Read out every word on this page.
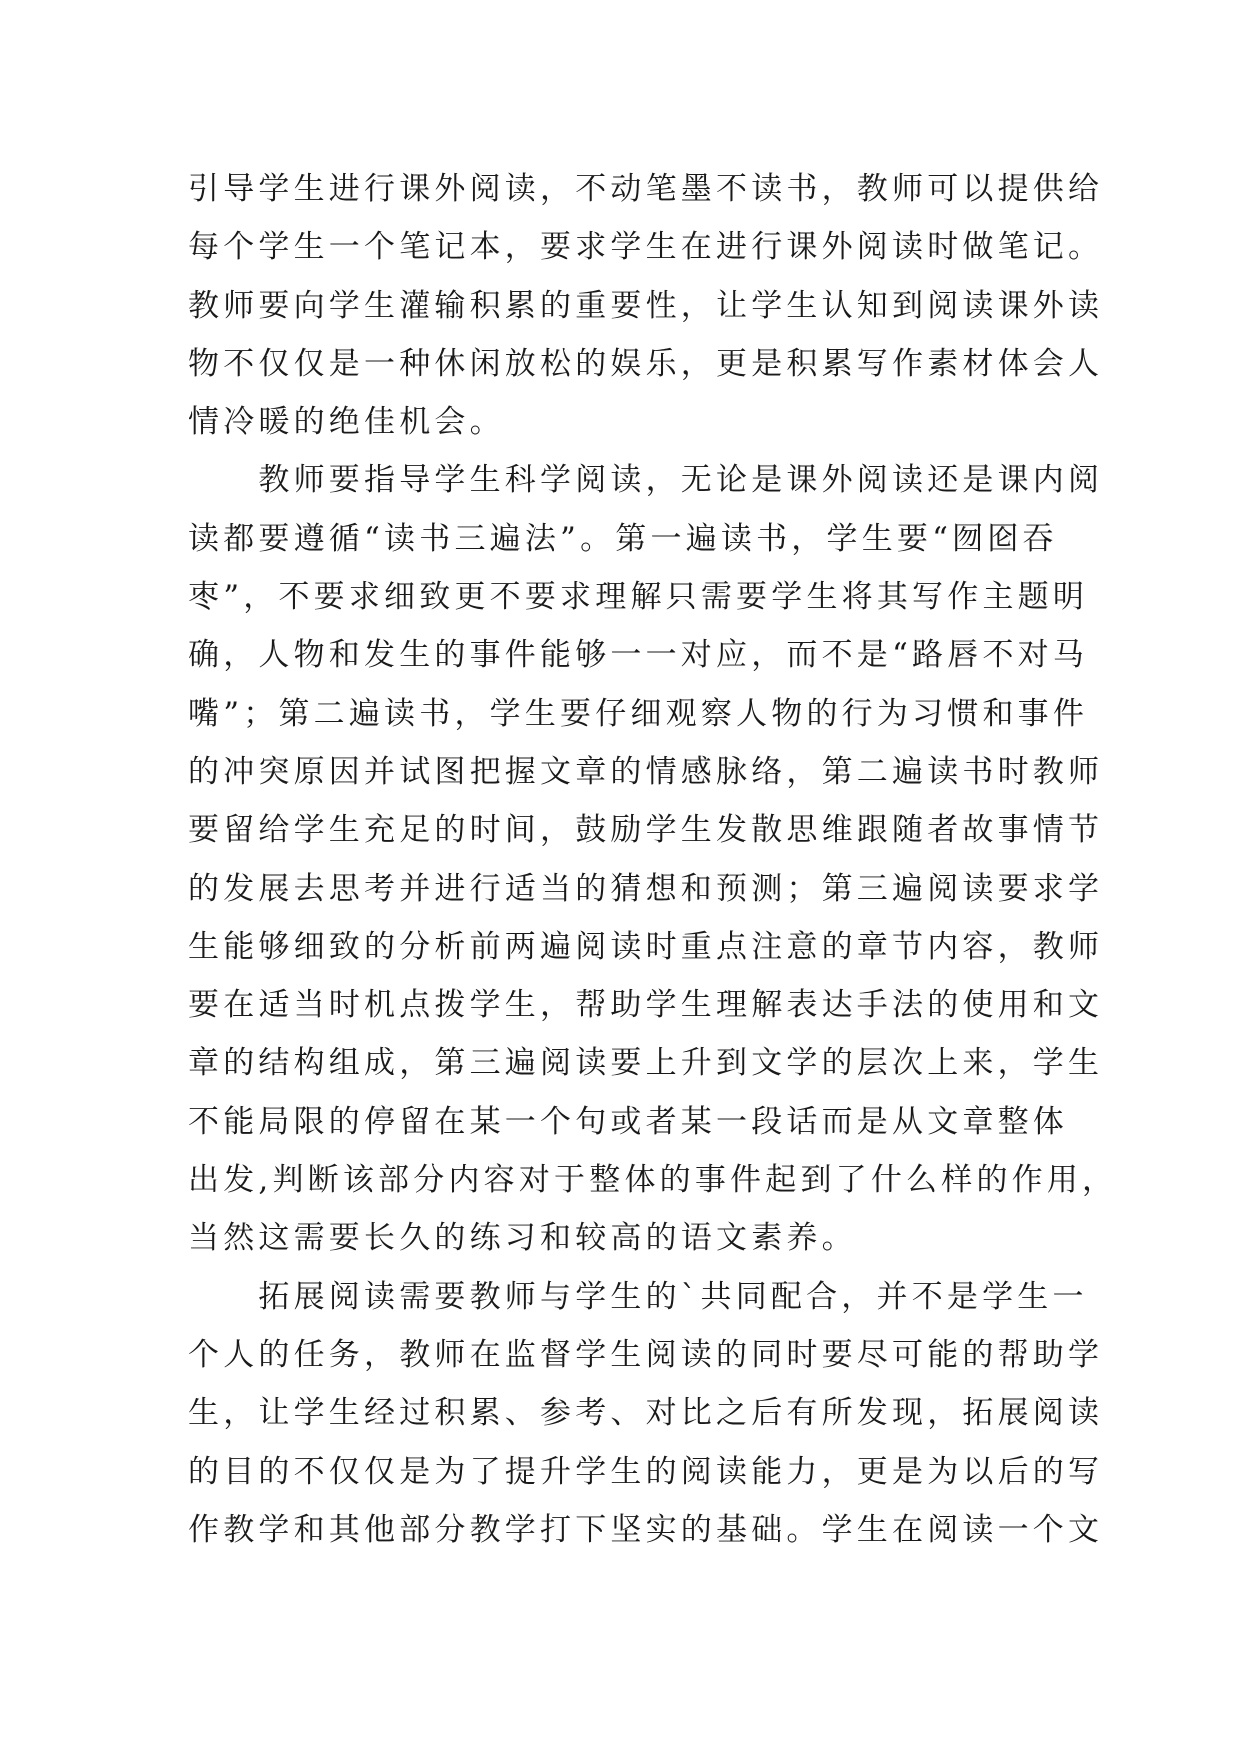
引导学生进行课外阅读，不动笔墨不读书，教师可以提供给
每个学生一个笔记本，要求学生在进行课外阅读时做笔记。
教师要向学生灌输积累的重要性，让学生认知到阅读课外读
物不仅仅是一种休闲放松的娱乐，更是积累写作素材体会人
情冷暖的绝佳机会。
　　教师要指导学生科学阅读，无论是课外阅读还是课内阅
读都要遵循“读书三遍法”。第一遍读书，学生要“囫囵吞
枣”，不要求细致更不要求理解只需要学生将其写作主题明
确，人物和发生的事件能够一一对应，而不是“路唇不对马
嘴”；第二遍读书，学生要仔细观察人物的行为习惯和事件
的冲突原因并试图把握文章的情感脉络，第二遍读书时教师
要留给学生充足的时间，鼓励学生发散思维跟随者故事情节
的发展去思考并进行适当的猜想和预测；第三遍阅读要求学
生能够细致的分析前两遍阅读时重点注意的章节内容，教师
要在适当时机点拨学生，帮助学生理解表达手法的使用和文
章的结构组成，第三遍阅读要上升到文学的层次上来，学生
不能局限的停留在某一个句或者某一段话而是从文章整体
出发,判断该部分内容对于整体的事件起到了什么样的作用，
当然这需要长久的练习和较高的语文素养。
　　拓展阅读需要教师与学生的`共同配合，并不是学生一
个人的任务，教师在监督学生阅读的同时要尽可能的帮助学
生，让学生经过积累、参考、对比之后有所发现，拓展阅读
的目的不仅仅是为了提升学生的阅读能力，更是为以后的写
作教学和其他部分教学打下坚实的基础。学生在阅读一个文
